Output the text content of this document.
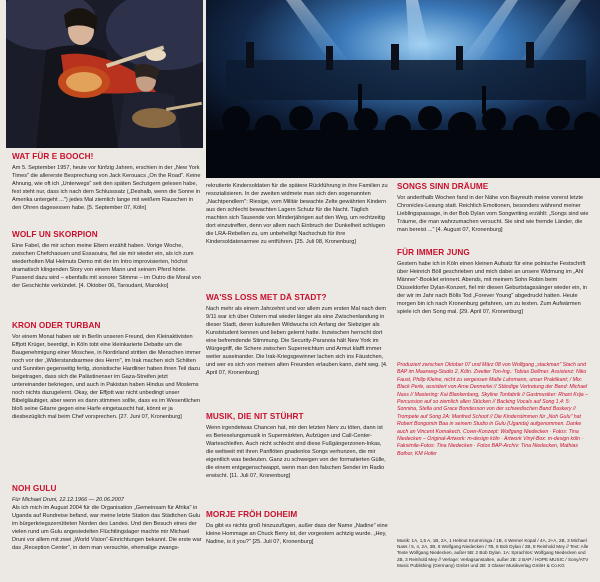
WAT FÜR E BOOCH!

Am 5. September 1957, heute vor fünfzig Jahren, erschien in der „New York Times" die allererste Besprechung von Jack Kerouacs „On the Road". Keine Ahnung, wie oft ich „Unterwegs" seit den späten Sechzigern gelesen habe, fest steht nur, dass ich nach dem Schlusssatz („Deshalb, wenn die Sonne in Amerika untergeht ...") jedes Mal ziemlich lange mit weißem Rauschen in den Ohren dagesessen habe. [5. September 07, Köln]

WOLF UN SKORPION

Eine Fabel, die mir schon meine Eltern erzählt haben. Vorige Woche, zwischen Chefchaouen und Essaouira, fiel sie mir wieder ein, als ich zum wiederholten Mal Helmuts Demo mit der im Intro improvisierten, höchst dramatisch klingenden Story von einem Mann und seinem Pferd hörte. Passend dazu wird – ebenfalls mit sonorer Stimme – im Outro die Moral von der Geschichte verkündet. [4. Oktober 06, Taroudant, Marokko]

KRON ODER TURBAN

Vor einem Monat haben wir in Berlin unseren Freund, den Kleinaktivisten Effjott Krüger, beerdigt, in Köln tobt eine kleinkarierte Debatte um die Baugenehmigung einer Moschee, in Nordirland stritten die Menschen immer noch vor der „Widerstandsarmee des Herrn", im Irak machen sich Schiiten und Sunniten gegenseitig fertig, zionistische Hardliner haben ihren Teil dazu beigetragen, dass sich die Palästinenser im Gaza-Streifen jetzt untereinander bekriegen, und auch in Pakistan haben Hindus und Moslems noch nichts dazugelernt. Okay, der Effjott war nicht unbedingt unser Bibelgläubiger, aber wenn es dann stimmen sollte, dass es im Wesentlichen bloß seine Gitarre gegen eine Harfe eingetauscht hat, könnt er ja diesbezüglich mal beim Chef vorsprechen. [27. Juni 07, Kronenburg]

NOH GULU

Für Michael Druni, 12.12.1966 — 20.06.2007

Als ich mich im August 2004 für die Organisation „Gemeinsam für Afrika" in Uganda auf Rundreise befand, war meine letzte Station das Städtchen Gulu im bürgerkriegszerrütteten Norden des Landes. Und den Besuch eines der vielen rund um Gulu angesiedelten Flüchtlingslager machte mir Michael Druni vor allem mit zwei „World Vision"-Einrichtungen bekannt. Die erste war das „Reception Center", in dem man versuchte, ehemalige zwangs-

rekrutierte Kindersoldaten für die spätere Rückführung in ihre Familien zu resozialisieren. In der zweiten widmete man sich den sogenannten „Nachtpendlern": Riesige, vom Militär bewachte Zelte gewährten Kindern aus den schlecht bewachten Lagern Schutz für die Nacht. Täglich machten sich Tausende von Minderjährigen auf den Weg, um rechtzeitig dort einzutreffen, denn vor allem nach Einbruch der Dunkelheit schlugen die LRA-Rebellen zu, um unbehelligt Nachschub für ihre Kindersoldatenarmee zu entführen. [25. Juli 08, Kronenburg]

WA'SS LOSS MET DÄ STADT?

Nach mehr als einem Jahrzehnt und vor allem zum ersten Mal nach dem 9/11 war ich über Ostern mal wieder länger als eine Zwischenlandung in dieser Stadt, deren kulturellen Wildwuchs ich Anfang der Siebziger als Kunststudent kennen und lieben gelernt hatte. Inzwischen herrscht dort eine befremdende Stimmung. Die Security-Paranoia hält New York im Würgegriff, die Schere zwischen Superreichtum und Armut klafft immer weiter auseinander. Die Irak-Kriegsgewinner lachen sich ins Fäustchen, und wer es sich von meinen alten Freunden erlauben kann, zieht weg. [4. April 07, Kronenburg]

MUSIK, DIE NIT STÜHRT

Wenn irgendetwas Chancen hat, mir den letzten Nerv zu töten, dann ist es Berieselungsmusik in Supermärkten, Aufzügen und Call-Center-Warteschleifen. Auch nicht schlecht sind diese Fußgängerzonen-Inkas, die weltweit mit ihren Panflöten gnadenlos Songs verhunzen, die mir eigentlich was bedeuten. Ganz zu schweigen von der formatierten Gülle, die einem entgegenschwappt, wenn man den falschen Sender im Radio erwischt. [11. Juli 07, Kronenburg]

MORJE FRÖH DOHEIM

Da gibt es nichts groß hinzuzufügen, außer dass der Name „Nadine" eine kleine Hommage an Chuck Berry ist, der vorgestern achtzig wurde. „Hey, Nadine, is it you?" [25. Juli 07, Kronenburg]

SONGS SINN DRÄUME

Vor anderthalb Wochen fand in der Nähe von Bayreuth meine vorerst letzte Chronicles-Lesung statt. Reichlich Emotionen, besonders während meiner Lieblingspassage, in der Bob Dylan vom Songwriting erzählt: „Songs sind wie Träume, die man wahrzumachen versucht. Sie sind wie fremde Länder, die man bereist ..." [4. August 07, Kronenburg]

FÜR IMMER JUNG

Gestern habe ich in Köln einen kleinen Aufsatz für eine polnische Festschrift über Heinrich Böll geschrieben und mich dabei an unsere Widmung im „Ahl Männer"-Booklet erinnert. Abends, mit meinem Sohn Robin beim Düsseldorfer Dylan-Konzert, fiel mir diesen Geburtstagssänger wieder ein, in der wir im Jahr nach Bölls Tod „Forever Young" abgedruckt hatten. Heute morgen bin ich nach Kronenburg gefahren, um zu texten. Zum Aufwärmen spiele ich den Song mal. [29. April 07, Kronenburg]

Produziert zwischen Oktober 07 und März 08 von Wolfgang „stackman" Stach und BAP im Maarweg-Studio 2, Köln. Zweiter Ton-Ing.: Tobias Dellmer. Assistenz: Niko Faust, Philip Kleine, nicht zu vergessen Malte Lahrmann, unser Praktikant; / Mix: Black Perle, assistiert von Arne Dennerlei // Ständige Vertretung der Band: Michael Nass // Mastering: Kai Blankenberg, Skyline Tonfabrik // Gastmusiker: Rhani Krija – Percussion auf so ziemlich allen Stücken // Backing Vocals auf Song 1,4: 5: Sonnina, Stella und Grace Bondesson von der schwedischen Band Baskery // Trompete auf Song 2A: Manfred Schoof // Die Kinderstimmen für „Noh Gulu" hat Robert Bongomin Baa in seinem Studio in Gulu (Uganda) aufgenommen. Danke auch an Vincent Komakech. Cover-Konzept: Wolfgang Niedecken · Fotos: Tina Niedecken – Original-Artwork: m-design köln · Artwork Vinyl-Box: m-design köln · Faksimile-Fotos: Tina Niedecken · Fotos BAP-Archiv: Tina Niedecken, Mathias Bothor, KM Hofer

Musik: 1A, 1,5 A, 1B, 2A, 1 Helmut Krumminga / 1B, 4 Werner Kopal / 4A, 2+A, 2B, 3 Michael Nass / 5, 4, 2A, 3B, 8 Wolfgang Niedecken / 7B, 8 Bob Dylan / 2B, 8 Reinhold Mey // Text: Alle Texte Wolfgang Niedecken, außer 5B: 2 Bob Dylan. 1A: Sprachlos: Wolfgang Niedecken und 2B, 3 Reinhold Mey // Verlage: Verlagsanstalten, außer 2B: 2 BAP / HOPE MUSIC / Sony/ATV Music Publishing (Germany) GmbH und 2B: 3 Glaser Musikverlag GmbH & Co.KG
